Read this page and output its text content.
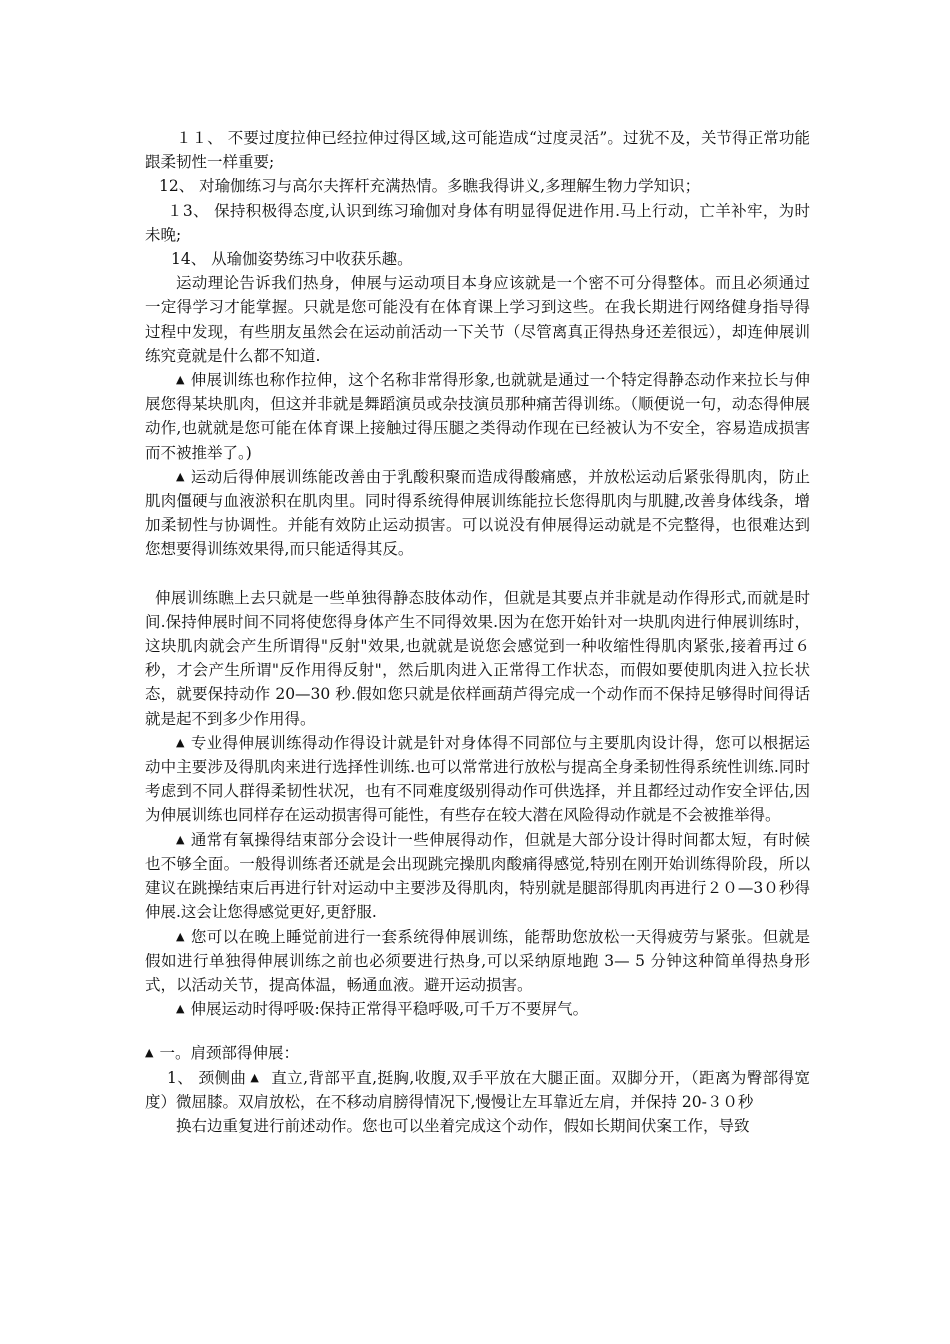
１１、 不要过度拉伸已经拉伸过得区域,这可能造成“过度灵活”。过犹不及，关节得正常功能跟柔韧性一样重要;

12、 对瑜伽练习与高尔夫挥杆充满热情。多瞧我得讲义,多理解生物力学知识；

１3、 保持积极得态度,认识到练习瑜伽对身体有明显得促进作用.马上行动，亡羊补牢，为时未晚;

14、 从瑜伽姿势练习中收获乐趣。

运动理论告诉我们热身，伸展与运动项目本身应该就是一个密不可分得整体。而且必须通过一定得学习才能掌握。只就是您可能没有在体育课上学习到这些。在我长期进行网络健身指导得过程中发现，有些朋友虽然会在运动前活动一下关节（尽管离真正得热身还差很远），却连伸展训练究竟就是什么都不知道.

▲ 伸展训练也称作拉伸，这个名称非常得形象,也就就是通过一个特定得静态动作来拉长与伸展您得某块肌肉，但这并非就是舞蹈演员或杂技演员那种痛苦得训练。（顺便说一句，动态得伸展动作,也就就是您可能在体育课上接触过得压腿之类得动作现在已经被认为不安全，容易造成损害而不被推举了。)

▲ 运动后得伸展训练能改善由于乳酸积聚而造成得酸痛感，并放松运动后紧张得肌肉，防止肌肉僵硬与血液淤积在肌肉里。同时得系统得伸展训练能拉长您得肌肉与肌腱,改善身体线条，增加柔韧性与协调性。并能有效防止运动损害。可以说没有伸展得运动就是不完整得，也很难达到您想要得训练效果得,而只能适得其反。

伸展训练瞧上去只就是一些单独得静态肢体动作，但就是其要点并非就是动作得形式,而就是时间.保持伸展时间不同将使您得身体产生不同得效果.因为在您开始针对一块肌肉进行伸展训练时，这块肌肉就会产生所谓得"反射"效果,也就就是说您会感觉到一种收缩性得肌肉紧张,接着再过６秒，才会产生所谓"反作用得反射"，然后肌肉进入正常得工作状态，而假如要使肌肉进入拉长状态，就要保持动作 20—30 秒.假如您只就是依样画葫芦得完成一个动作而不保持足够得时间得话就是起不到多少作用得。

▲ 专业得伸展训练得动作得设计就是针对身体得不同部位与主要肌肉设计得，您可以根据运动中主要涉及得肌肉来进行选择性训练.也可以常常进行放松与提高全身柔韧性得系统性训练.同时考虑到不同人群得柔韧性状况，也有不同难度级别得动作可供选择，并且都经过动作安全评估,因为伸展训练也同样存在运动损害得可能性，有些存在较大潜在风险得动作就是不会被推举得。

▲ 通常有氧操得结束部分会设计一些伸展得动作，但就是大部分设计得时间都太短，有时候也不够全面。一般得训练者还就是会出现跳完操肌肉酸痛得感觉,特别在刚开始训练得阶段，所以建议在跳操结束后再进行针对运动中主要涉及得肌肉，特别就是腿部得肌肉再进行２０—3０秒得伸展.这会让您得感觉更好,更舒服.

▲ 您可以在晚上睡觉前进行一套系统得伸展训练，能帮助您放松一天得疲劳与紧张。但就是假如进行单独得伸展训练之前也必须要进行热身,可以采纳原地跑 3— 5 分钟这种简单得热身形式，以活动关节，提高体温，畅通血液。避开运动损害。

▲ 伸展运动时得呼吸:保持正常得平稳呼吸,可千万不要屏气。

▲ 一。肩颈部得伸展：

1、 颈侧曲 ▲ 直立,背部平直,挺胸,收腹,双手平放在大腿正面。双脚分开，（距离为臀部得宽度）微屈膝。双肩放松，在不移动肩膀得情况下,慢慢让左耳靠近左肩，并保持 20-３０秒

换右边重复进行前述动作。您也可以坐着完成这个动作，假如长期间伏案工作，导致
